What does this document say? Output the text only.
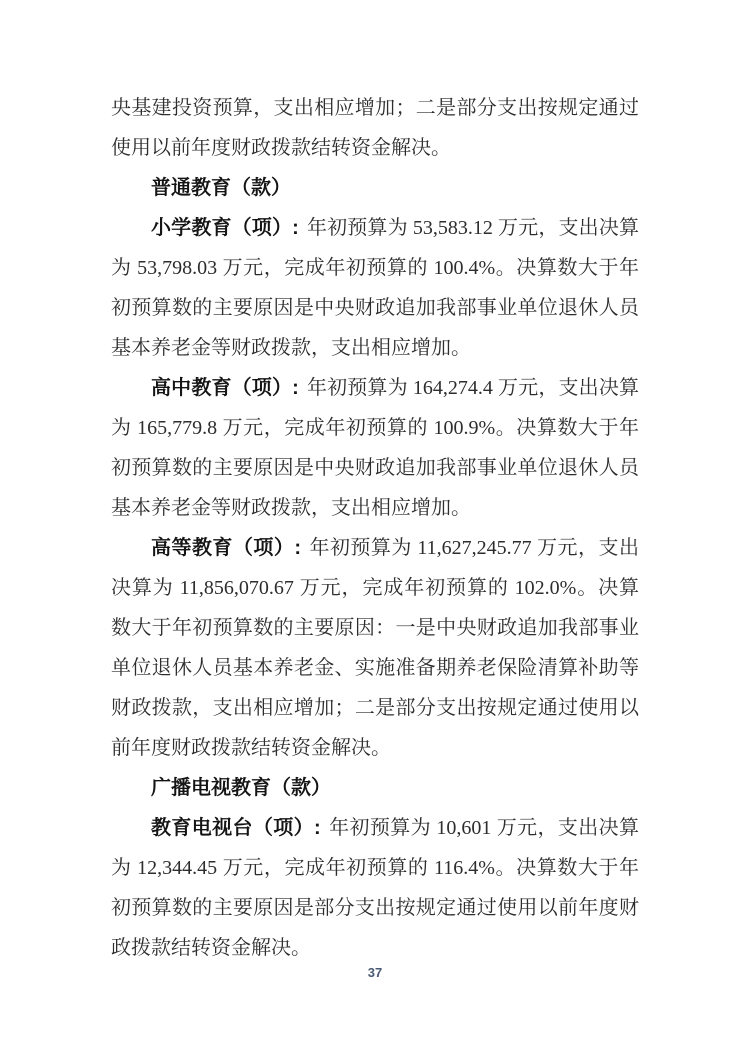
央基建投资预算，支出相应增加；二是部分支出按规定通过使用以前年度财政拨款结转资金解决。

普通教育（款）

小学教育（项）: 年初预算为 53,583.12 万元，支出决算为 53,798.03 万元，完成年初预算的 100.4%。决算数大于年初预算数的主要原因是中央财政追加我部事业单位退休人员基本养老金等财政拨款，支出相应增加。

高中教育（项）: 年初预算为 164,274.4 万元，支出决算为 165,779.8 万元，完成年初预算的 100.9%。决算数大于年初预算数的主要原因是中央财政追加我部事业单位退休人员基本养老金等财政拨款，支出相应增加。

高等教育（项）: 年初预算为 11,627,245.77 万元，支出决算为 11,856,070.67 万元，完成年初预算的 102.0%。决算数大于年初预算数的主要原因：一是中央财政追加我部事业单位退休人员基本养老金、实施准备期养老保险清算补助等财政拨款，支出相应增加；二是部分支出按规定通过使用以前年度财政拨款结转资金解决。

广播电视教育（款）

教育电视台（项）: 年初预算为 10,601 万元，支出决算为 12,344.45 万元，完成年初预算的 116.4%。决算数大于年初预算数的主要原因是部分支出按规定通过使用以前年度财政拨款结转资金解决。

37
